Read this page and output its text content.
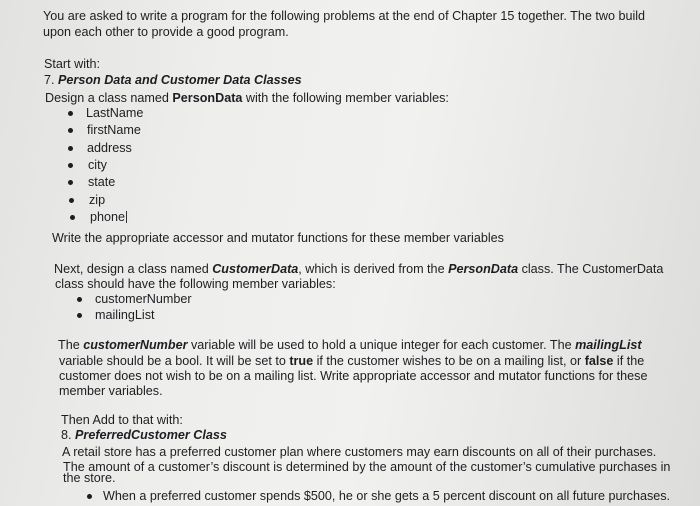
You are asked to write a program for the following problems at the end of Chapter 15 together. The two build
upon each other to provide a good program.
Start with:
7. Person Data and Customer Data Classes
Design a class named PersonData with the following member variables:
LastName
firstName
address
city
state
zip
phone
Write the appropriate accessor and mutator functions for these member variables
Next, design a class named CustomerData, which is derived from the PersonData class. The CustomerData
class should have the following member variables:
customerNumber
mailingList
The customerNumber variable will be used to hold a unique integer for each customer. The mailingList
variable should be a bool. It will be set to true if the customer wishes to be on a mailing list, or false if the
customer does not wish to be on a mailing list. Write appropriate accessor and mutator functions for these
member variables.
Then Add to that with:
8. PreferredCustomer Class
A retail store has a preferred customer plan where customers may earn discounts on all of their purchases.
The amount of a customer’s discount is determined by the amount of the customer’s cumulative purchases in
the store.
When a preferred customer spends $500, he or she gets a 5 percent discount on all future purchases.
